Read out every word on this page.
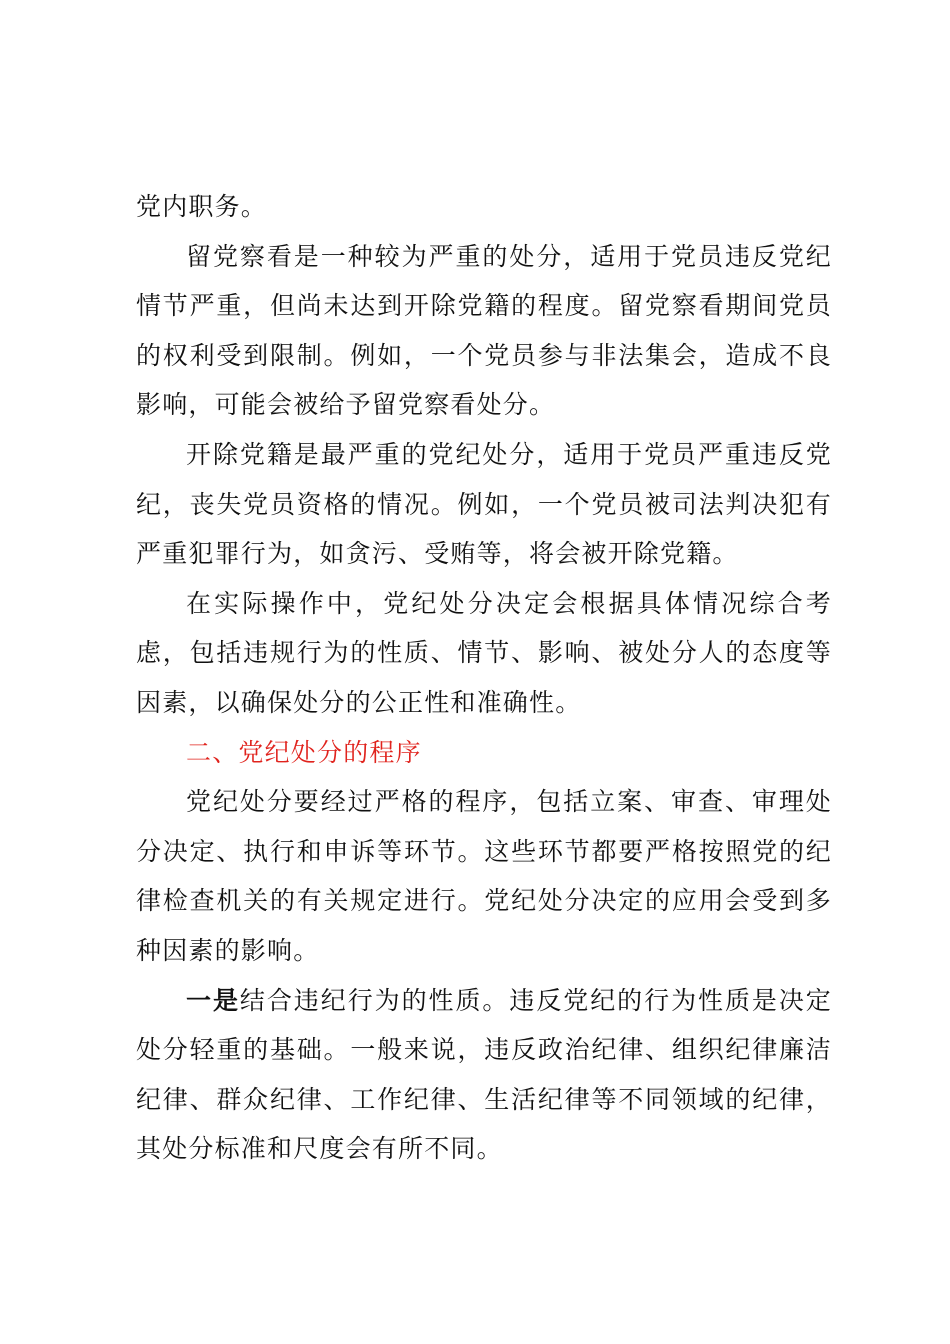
党内职务。

留党察看是一种较为严重的处分，适用于党员违反党纪情节严重，但尚未达到开除党籍的程度。留党察看期间党员的权利受到限制。例如，一个党员参与非法集会，造成不良影响，可能会被给予留党察看处分。

开除党籍是最严重的党纪处分，适用于党员严重违反党纪，丧失党员资格的情况。例如，一个党员被司法判决犯有严重犯罪行为，如贪污、受贿等，将会被开除党籍。

在实际操作中，党纪处分决定会根据具体情况综合考虑，包括违规行为的性质、情节、影响、被处分人的态度等因素，以确保处分的公正性和准确性。

二、党纪处分的程序

党纪处分要经过严格的程序，包括立案、审查、审理处分决定、执行和申诉等环节。这些环节都要严格按照党的纪律检查机关的有关规定进行。党纪处分决定的应用会受到多种因素的影响。

一是结合违纪行为的性质。违反党纪的行为性质是决定处分轻重的基础。一般来说，违反政治纪律、组织纪律廉洁纪律、群众纪律、工作纪律、生活纪律等不同领域的纪律，其处分标准和尺度会有所不同。
